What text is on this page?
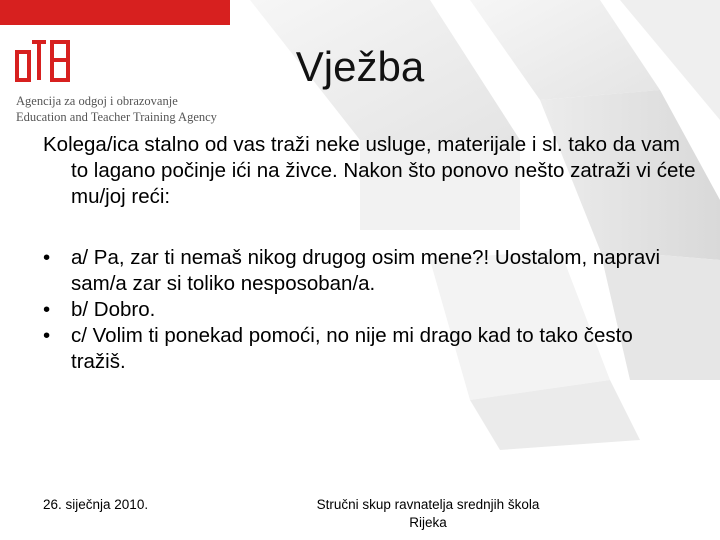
Agencija za odgoj i obrazovanje
Education and Teacher Training Agency
Vježba
Kolega/ica stalno od vas traži neke usluge, materijale i sl. tako da vam to lagano počinje ići na živce. Nakon što ponovo nešto zatraži vi ćete mu/joj reći:
• a/ Pa, zar ti nemaš nikog drugog osim mene?! Uostalom, napravi sam/a zar si toliko nesposoban/a.
• b/ Dobro.
• c/ Volim ti ponekad pomoći, no nije mi drago kad to tako često tražiš.
26. siječnja 2010.	Stručni skup ravnatelja srednjih škola
Rijeka
